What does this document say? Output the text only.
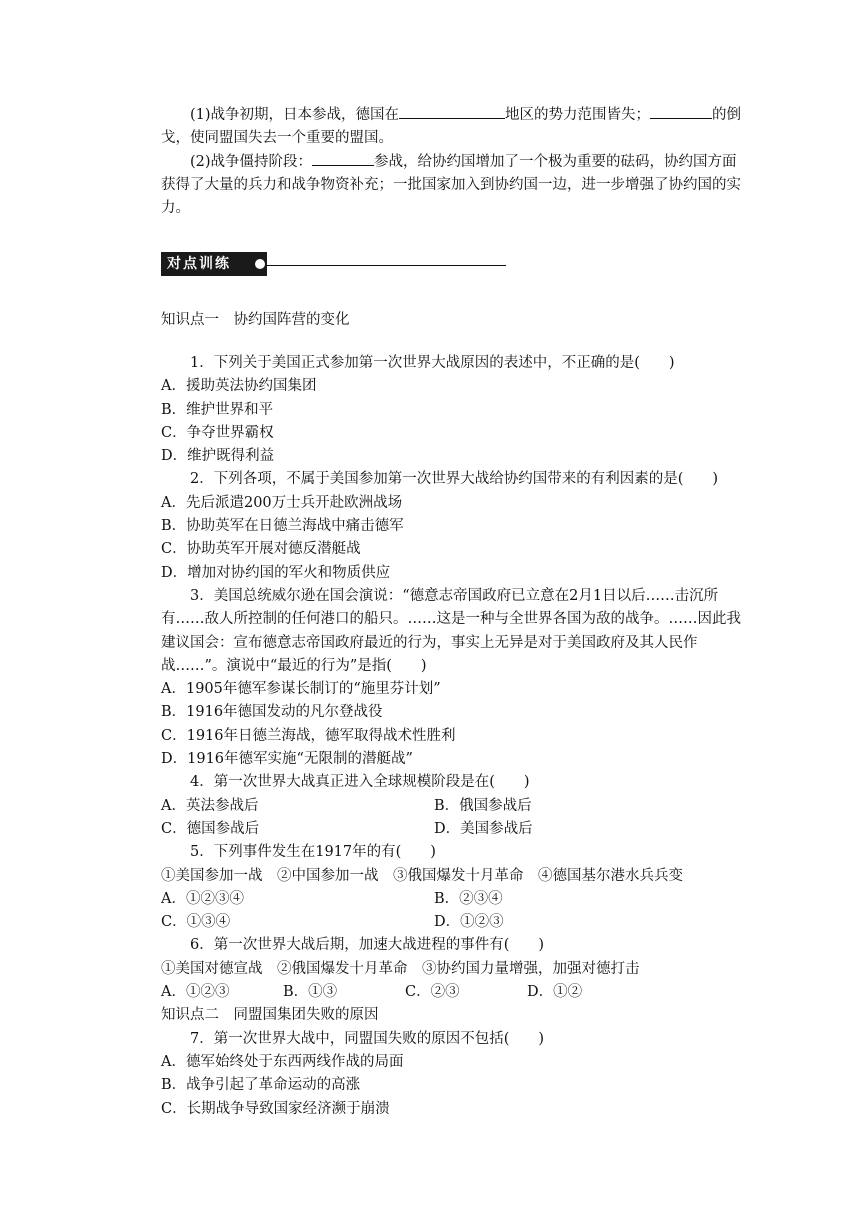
(1)战争初期，日本参战，德国在	地区的势力范围皆失；	的倒

戈，使同盟国失去一个重要的盟国。

(2)战争僵持阶段：	参战，给协约国增加了一个极为重要的砝码，协约国方面

获得了大量的兵力和战争物资补充；一批国家加入到协约国一边，进一步增强了协约国的实

力。

对点训练

知识点一　协约国阵营的变化

1．下列关于美国正式参加第一次世界大战原因的表述中，不正确的是(　　)

A．援助英法协约国集团

B．维护世界和平

C．争夺世界霸权

D．维护既得利益

2．下列各项，不属于美国参加第一次世界大战给协约国带来的有利因素的是(　　)

A．先后派遣200万士兵开赴欧洲战场

B．协助英军在日德兰海战中痛击德军

C．协助英军开展对德反潜艇战

D．增加对协约国的军火和物质供应

3．美国总统威尔逊在国会演说：“德意志帝国政府已立意在2月1日以后……击沉所

有……敌人所控制的任何港口的船只。……这是一种与全世界各国为敌的战争。……因此我

建议国会：宣布德意志帝国政府最近的行为，事实上无异是对于美国政府及其人民作

战……”。演说中“最近的行为”是指(　　)

A．1905年德军参谋长制订的“施里芬计划”

B．1916年德国发动的凡尔登战役

C．1916年日德兰海战，德军取得战术性胜利

D．1916年德军实施“无限制的潜艇战”

4．第一次世界大战真正进入全球规模阶段是在(　　)

A．英法参战后	B．俄国参战后
C．德国参战后	D．美国参战后

5．下列事件发生在1917年的有(　　)

①美国参加一战　②中国参加一战　③俄国爆发十月革命　④德国基尔港水兵兵变

A．①②③④	B．②③④
C．①③④	D．①②③

6．第一次世界大战后期，加速大战进程的事件有(　　)

①美国对德宣战　②俄国爆发十月革命　③协约国力量增强，加强对德打击

A．①②③	B．①③	C．②③	D．①②

知识点二　同盟国集团失败的原因

7．第一次世界大战中，同盟国失败的原因不包括(　　)

A．德军始终处于东西两线作战的局面

B．战争引起了革命运动的高涨

C．长期战争导致国家经济濒于崩溃
